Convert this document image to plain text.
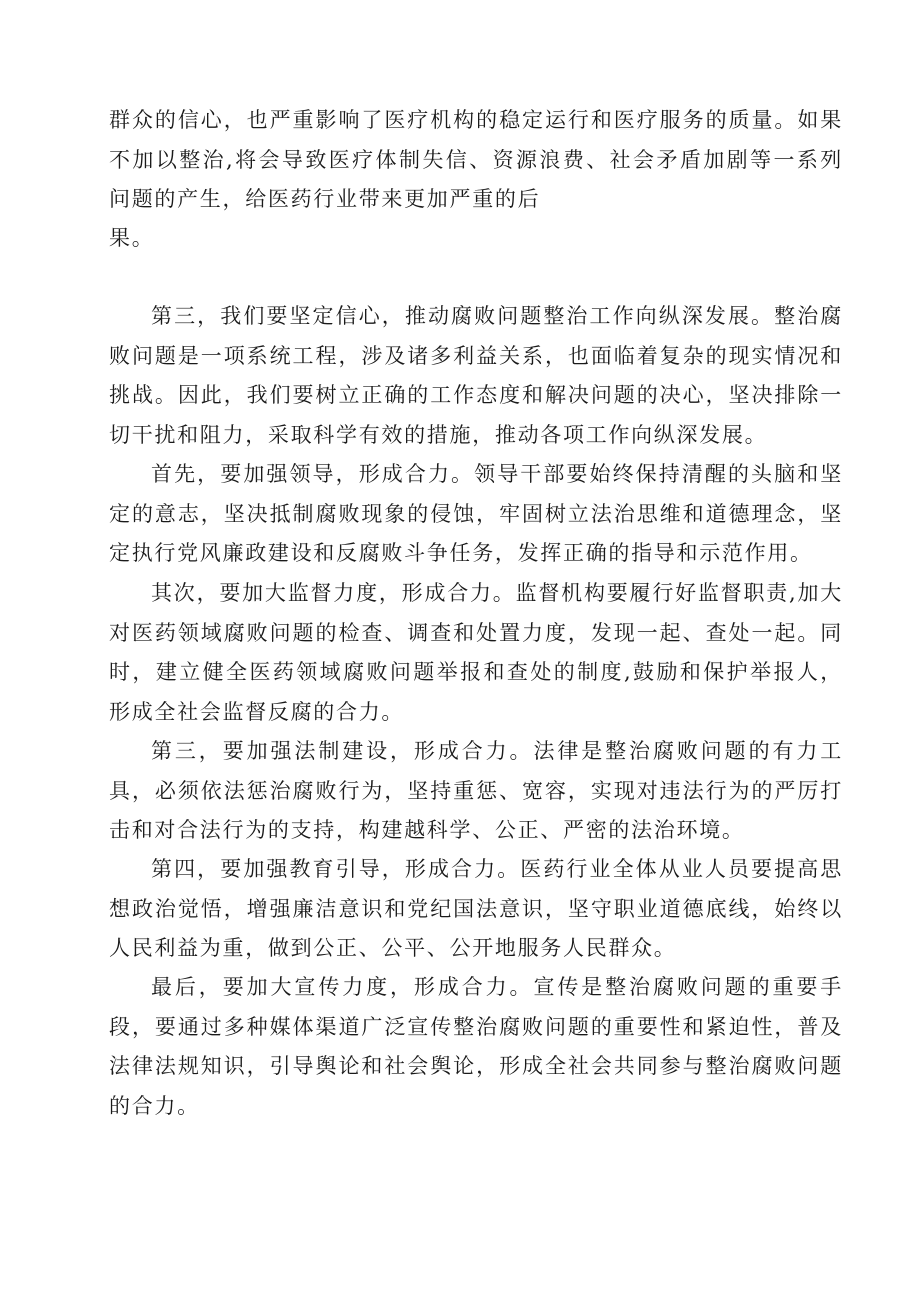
群众的信心，也严重影响了医疗机构的稳定运行和医疗服务的质量。如果不加以整治,将会导致医疗体制失信、资源浪费、社会矛盾加剧等一系列问题的产生，给医药行业带来更加严重的后

果。

第三，我们要坚定信心，推动腐败问题整治工作向纵深发展。整治腐败问题是一项系统工程，涉及诸多利益关系，也面临着复杂的现实情况和挑战。因此，我们要树立正确的工作态度和解决问题的决心，坚决排除一切干扰和阻力，采取科学有效的措施，推动各项工作向纵深发展。

首先，要加强领导，形成合力。领导干部要始终保持清醒的头脑和坚定的意志，坚决抵制腐败现象的侵蚀，牢固树立法治思维和道德理念，坚定执行党风廉政建设和反腐败斗争任务，发挥正确的指导和示范作用。

其次，要加大监督力度，形成合力。监督机构要履行好监督职责,加大对医药领域腐败问题的检查、调查和处置力度，发现一起、查处一起。同时，建立健全医药领域腐败问题举报和查处的制度,鼓励和保护举报人，形成全社会监督反腐的合力。

第三，要加强法制建设，形成合力。法律是整治腐败问题的有力工具，必须依法惩治腐败行为，坚持重惩、宽容，实现对违法行为的严厉打击和对合法行为的支持，构建越科学、公正、严密的法治环境。

第四，要加强教育引导，形成合力。医药行业全体从业人员要提高思想政治觉悟，增强廉洁意识和党纪国法意识，坚守职业道德底线，始终以人民利益为重，做到公正、公平、公开地服务人民群众。

最后，要加大宣传力度，形成合力。宣传是整治腐败问题的重要手段，要通过多种媒体渠道广泛宣传整治腐败问题的重要性和紧迫性，普及法律法规知识，引导舆论和社会舆论，形成全社会共同参与整治腐败问题的合力。
